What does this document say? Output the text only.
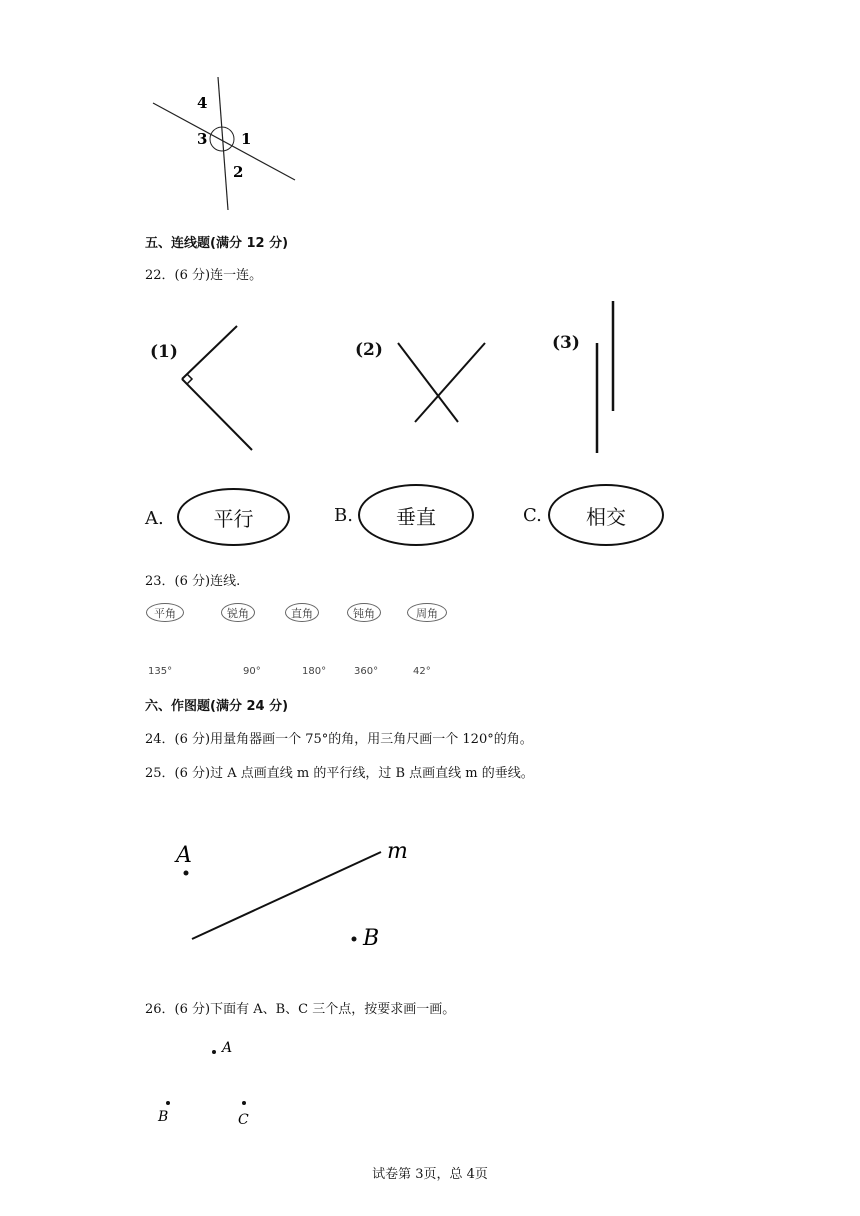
4
3 1
2
五、连线题(满分 12 分)
22．(6 分)连一连。
(1)	(2)	(3)
A. 平行	B. 垂直	C. 相交
23．(6 分)连线.
平角	锐角	直角	钝角	周角
135°	90°	180°	360°	42°
六、作图题(满分 24 分)
24．(6 分)用量角器画一个 75°的角，用三角尺画一个 120°的角。
25．(6 分)过 A 点画直线 m 的平行线，过 B 点画直线 m 的垂线。
A	m
B
26．(6 分)下面有 A、B、C 三个点，按要求画一画。
A
B	C
试卷第 3页，总 4页
